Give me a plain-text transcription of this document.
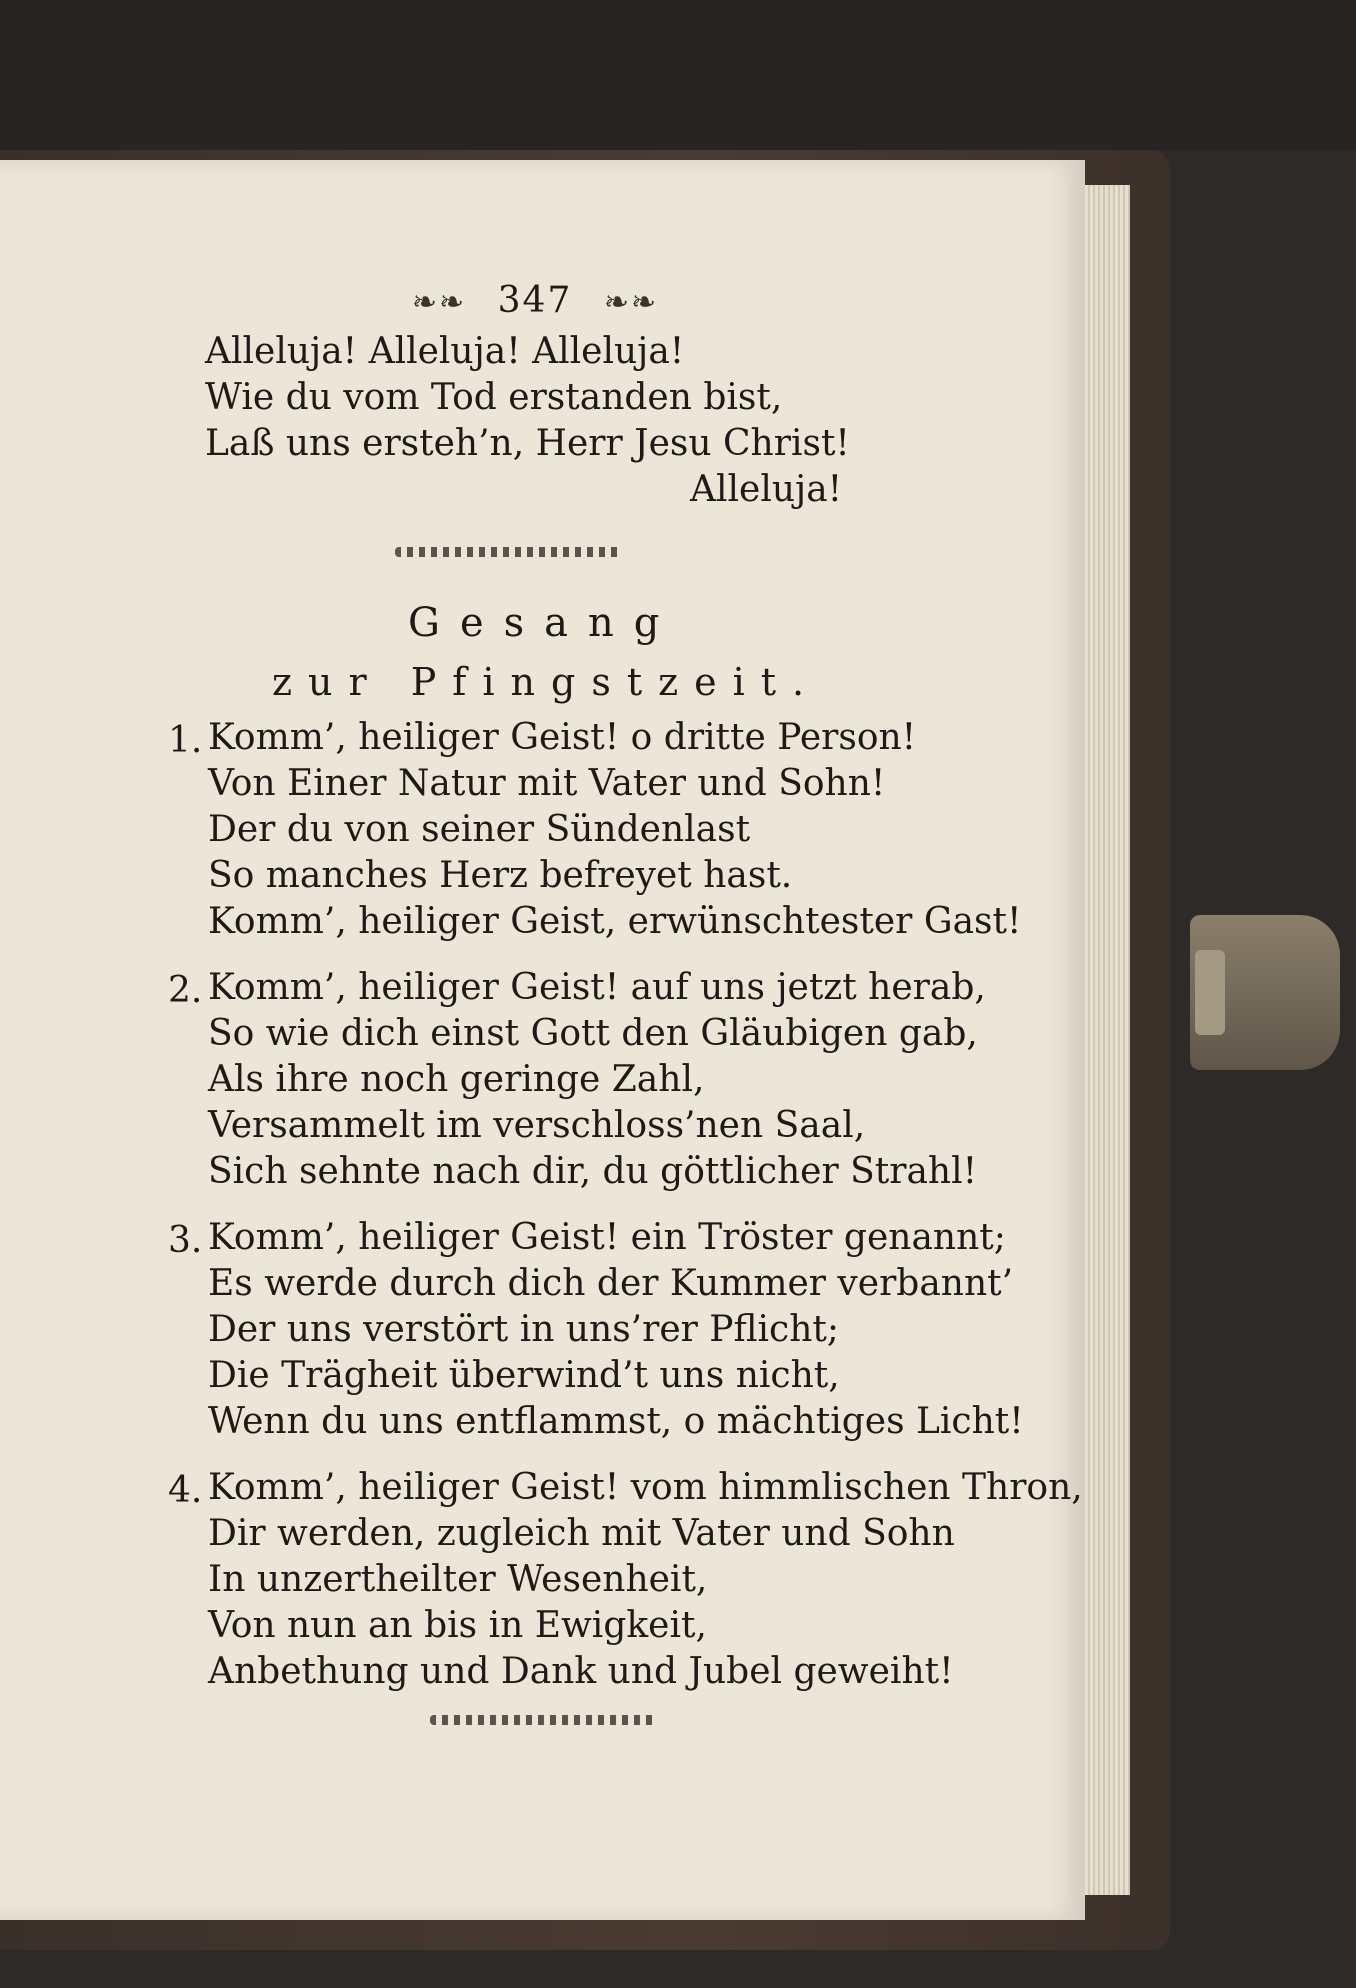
❧❧ 347 ❧❧
Alleluja! Alleluja! Alleluja!
Wie du vom Tod erstanden bist,
Laß uns ersteh’n, Herr Jesu Christ!
Alleluja!
Gesang
zur Pfingstzeit.
1. Komm’, heiliger Geist! o dritte Person!
Von Einer Natur mit Vater und Sohn!
Der du von seiner Sündenlast
So manches Herz befreyet hast.
Komm’, heiliger Geist, erwünschtester Gast!
2. Komm’, heiliger Geist! auf uns jetzt herab,
So wie dich einst Gott den Gläubigen gab,
Als ihre noch geringe Zahl,
Versammelt im verschloss’nen Saal,
Sich sehnte nach dir, du göttlicher Strahl!
3. Komm’, heiliger Geist! ein Tröster genannt;
Es werde durch dich der Kummer verbannt’
Der uns verstört in uns’rer Pflicht;
Die Trägheit überwind’t uns nicht,
Wenn du uns entflammst, o mächtiges Licht!
4. Komm’, heiliger Geist! vom himmlischen Thron,
Dir werden, zugleich mit Vater und Sohn
In unzertheilter Wesenheit,
Von nun an bis in Ewigkeit,
Anbethung und Dank und Jubel geweiht!
